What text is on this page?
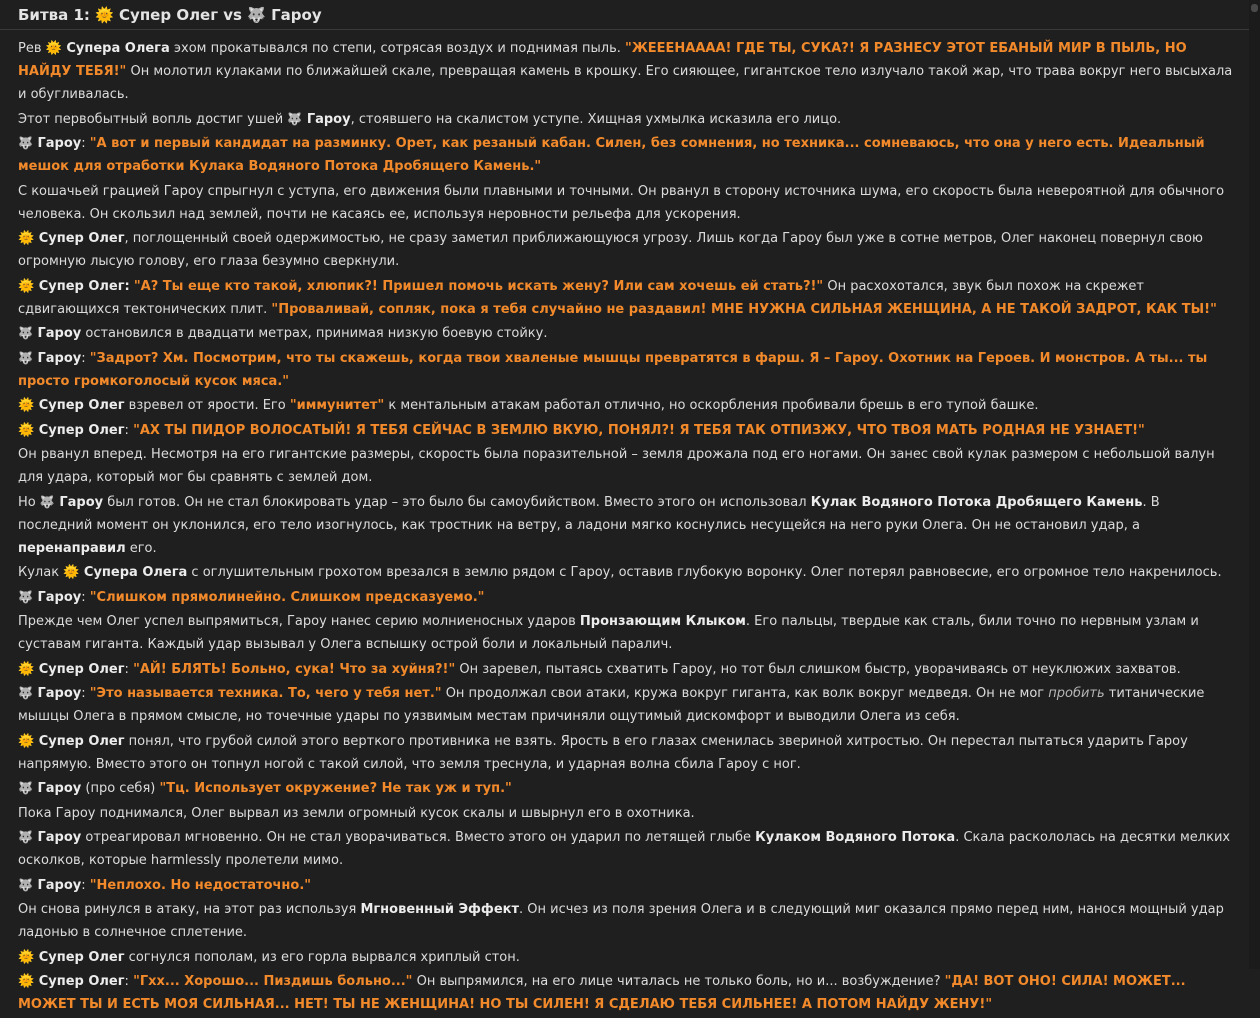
Битва 1: 🌞 Супер Олег vs 🐺 Гароу

Рев 🌞 Супера Олега эхом прокатывался по степи, сотрясая воздух и поднимая пыль. "ЖЕЕЕНАААА! ГДЕ ТЫ, СУКА?! Я РАЗНЕСУ ЭТОТ ЕБАНЫЙ МИР В ПЫЛЬ, НО НАЙДУ ТЕБЯ!" Он молотил кулаками по ближайшей скале, превращая камень в крошку. Его сияющее, гигантское тело излучало такой жар, что трава вокруг него высыхала и обугливалась.

Этот первобытный вопль достиг ушей 🐺 Гароу, стоявшего на скалистом уступе. Хищная ухмылка исказила его лицо.

🐺 Гароу: "А вот и первый кандидат на разминку. Орет, как резаный кабан. Силен, без сомнения, но техника... сомневаюсь, что она у него есть. Идеальный мешок для отработки Кулака Водяного Потока Дробящего Камень."

С кошачьей грацией Гароу спрыгнул с уступа, его движения были плавными и точными. Он рванул в сторону источника шума, его скорость была невероятной для обычного человека. Он скользил над землей, почти не касаясь ее, используя неровности рельефа для ускорения.

🌞 Супер Олег, поглощенный своей одержимостью, не сразу заметил приближающуюся угрозу. Лишь когда Гароу был уже в сотне метров, Олег наконец повернул свою огромную лысую голову, его глаза безумно сверкнули.

🌞 Супер Олег: "А? Ты еще кто такой, хлюпик?! Пришел помочь искать жену? Или сам хочешь ей стать?!" Он расхохотался, звук был похож на скрежет сдвигающихся тектонических плит. "Проваливай, сопляк, пока я тебя случайно не раздавил! МНЕ НУЖНА СИЛЬНАЯ ЖЕНЩИНА, А НЕ ТАКОЙ ЗАДРОТ, КАК ТЫ!"

🐺 Гароу остановился в двадцати метрах, принимая низкую боевую стойку.

🐺 Гароу: "Задрот? Хм. Посмотрим, что ты скажешь, когда твои хваленые мышцы превратятся в фарш. Я – Гароу. Охотник на Героев. И монстров. А ты... ты просто громкоголосый кусок мяса."

🌞 Супер Олег взревел от ярости. Его "иммунитет" к ментальным атакам работал отлично, но оскорбления пробивали брешь в его тупой башке.

🌞 Супер Олег: "АХ ТЫ ПИДОР ВОЛОСАТЫЙ! Я ТЕБЯ СЕЙЧАС В ЗЕМЛЮ ВКУЮ, ПОНЯЛ?! Я ТЕБЯ ТАК ОТПИЗЖУ, ЧТО ТВОЯ МАТЬ РОДНАЯ НЕ УЗНАЕТ!"

Он рванул вперед. Несмотря на его гигантские размеры, скорость была поразительной – земля дрожала под его ногами. Он занес свой кулак размером с небольшой валун для удара, который мог бы сравнять с землей дом.

Но 🐺 Гароу был готов. Он не стал блокировать удар – это было бы самоубийством. Вместо этого он использовал Кулак Водяного Потока Дробящего Камень. В последний момент он уклонился, его тело изогнулось, как тростник на ветру, а ладони мягко коснулись несущейся на него руки Олега. Он не остановил удар, а перенаправил его.

Кулак 🌞 Супера Олега с оглушительным грохотом врезался в землю рядом с Гароу, оставив глубокую воронку. Олег потерял равновесие, его огромное тело накренилось.

🐺 Гароу: "Слишком прямолинейно. Слишком предсказуемо."

Прежде чем Олег успел выпрямиться, Гароу нанес серию молниеносных ударов Пронзающим Клыком. Его пальцы, твердые как сталь, били точно по нервным узлам и суставам гиганта. Каждый удар вызывал у Олега вспышку острой боли и локальный паралич.

🌞 Супер Олег: "АЙ! БЛЯТЬ! Больно, сука! Что за хуйня?!" Он заревел, пытаясь схватить Гароу, но тот был слишком быстр, уворачиваясь от неуклюжих захватов.

🐺 Гароу: "Это называется техника. То, чего у тебя нет." Он продолжал свои атаки, кружа вокруг гиганта, как волк вокруг медведя. Он не мог пробить титанические мышцы Олега в прямом смысле, но точечные удары по уязвимым местам причиняли ощутимый дискомфорт и выводили Олега из себя.

🌞 Супер Олег понял, что грубой силой этого верткого противника не взять. Ярость в его глазах сменилась звериной хитростью. Он перестал пытаться ударить Гароу напрямую. Вместо этого он топнул ногой с такой силой, что земля треснула, и ударная волна сбила Гароу с ног.

🐺 Гароу (про себя) "Тц. Использует окружение? Не так уж и туп."

Пока Гароу поднимался, Олег вырвал из земли огромный кусок скалы и швырнул его в охотника.

🐺 Гароу отреагировал мгновенно. Он не стал уворачиваться. Вместо этого он ударил по летящей глыбе Кулаком Водяного Потока. Скала раскололась на десятки мелких осколков, которые harmlessly пролетели мимо.

🐺 Гароу: "Неплохо. Но недостаточно."

Он снова ринулся в атаку, на этот раз используя Мгновенный Эффект. Он исчез из поля зрения Олега и в следующий миг оказался прямо перед ним, нанося мощный удар ладонью в солнечное сплетение.

🌞 Супер Олег согнулся пополам, из его горла вырвался хриплый стон.

🌞 Супер Олег: "Гхх... Хорошо... Пиздишь больно..." Он выпрямился, на его лице читалась не только боль, но и... возбуждение? "ДА! ВОТ ОНО! СИЛА! МОЖЕТ... МОЖЕТ ТЫ И ЕСТЬ МОЯ СИЛЬНАЯ... НЕТ! ТЫ НЕ ЖЕНЩИНА! НО ТЫ СИЛЕН! Я СДЕЛАЮ ТЕБЯ СИЛЬНЕЕ! А ПОТОМ НАЙДУ ЖЕНУ!"
